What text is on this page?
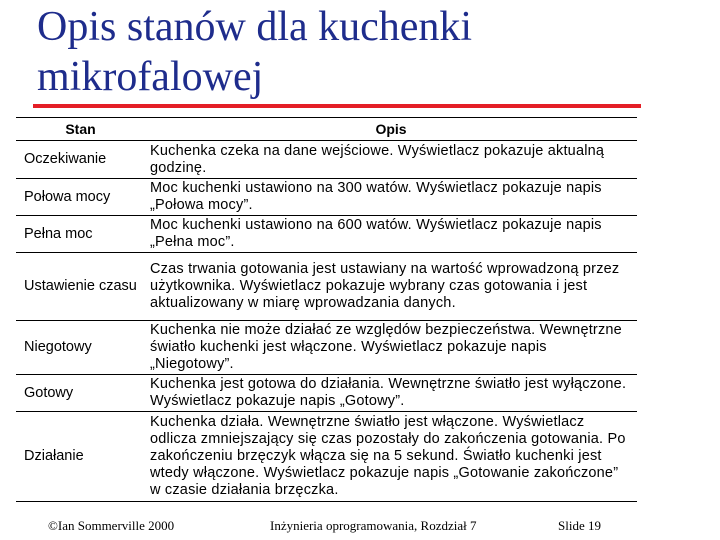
Opis stanów dla kuchenki
mikrofalowej
Stan	Opis
Oczekiwanie	Kuchenka czeka na dane wejściowe. Wyświetlacz pokazuje aktualną godzinę.
Połowa mocy	Moc kuchenki ustawiono na 300 watów. Wyświetlacz pokazuje napis „Połowa mocy”.
Pełna moc	Moc kuchenki ustawiono na 600 watów. Wyświetlacz pokazuje napis „Pełna moc”.
Ustawienie czasu	Czas trwania gotowania jest ustawiany na wartość wprowadzoną przez użytkownika. Wyświetlacz pokazuje wybrany czas gotowania i jest aktualizowany w miarę wprowadzania danych.
Niegotowy	Kuchenka nie może działać ze względów bezpieczeństwa. Wewnętrzne światło kuchenki jest włączone. Wyświetlacz pokazuje napis „Niegotowy”.
Gotowy	Kuchenka jest gotowa do działania. Wewnętrzne światło jest wyłączone. Wyświetlacz pokazuje napis „Gotowy”.
Działanie	Kuchenka działa. Wewnętrzne światło jest włączone. Wyświetlacz odlicza zmniejszający się czas pozostały do zakończenia gotowania. Po zakończeniu brzęczyk włącza się na 5 sekund. Światło kuchenki jest wtedy włączone. Wyświetlacz pokazuje napis „Gotowanie zakończone” w czasie działania brzęczka.
©Ian Sommerville 2000	Inżynieria oprogramowania, Rozdział 7	Slide 19
